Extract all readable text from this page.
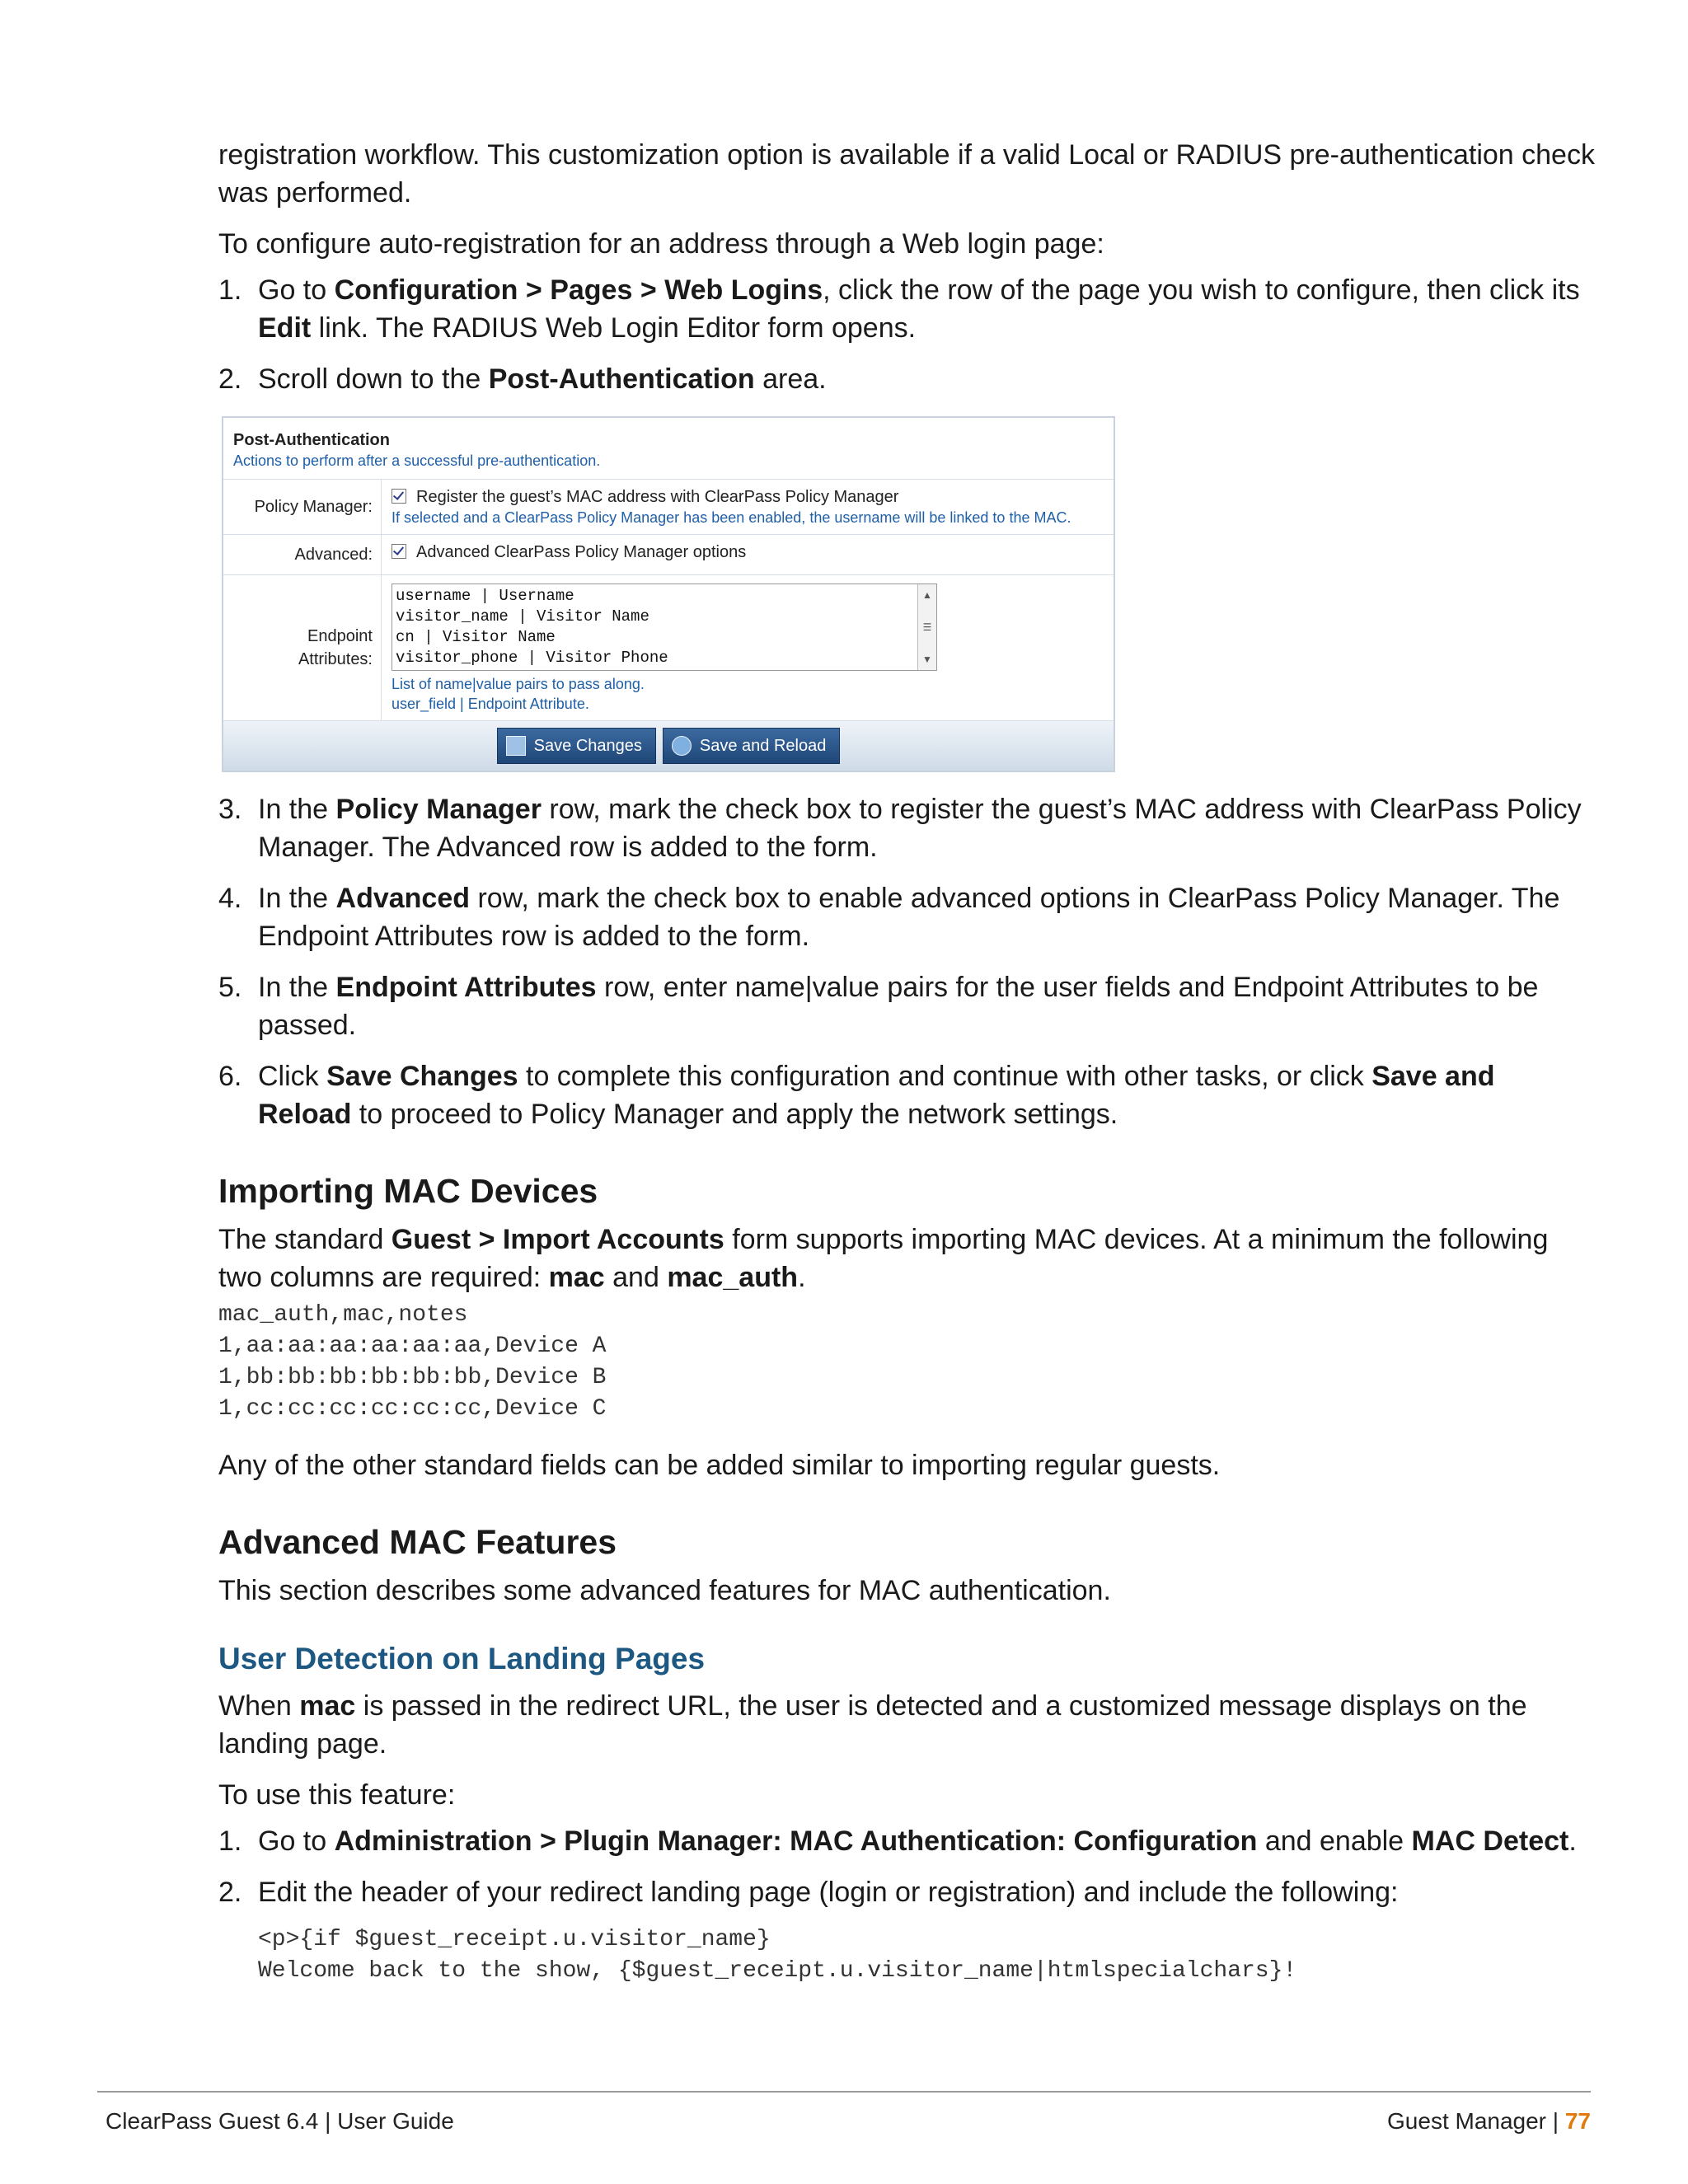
registration workflow. This customization option is available if a valid Local or RADIUS pre-authentication check was performed.

To configure auto-registration for an address through a Web login page:

1. Go to Configuration > Pages > Web Logins, click the row of the page you wish to configure, then click its Edit link. The RADIUS Web Login Editor form opens.
2. Scroll down to the Post-Authentication area.
Post-Authentication
Actions to perform after a successful pre-authentication.
Policy Manager:
Register the guest’s MAC address with ClearPass Policy Manager
If selected and a ClearPass Policy Manager has been enabled, the username will be linked to the MAC.
Advanced:	Advanced ClearPass Policy Manager options
Endpoint
Attributes:
username | Username
visitor_name | Visitor Name
cn | Visitor Name
visitor_phone | Visitor Phone
▲
☰
▼
List of name|value pairs to pass along.
user_field | Endpoint Attribute.
Save Changes	Save and Reload
3. In the Policy Manager row, mark the check box to register the guest’s MAC address with ClearPass Policy Manager. The Advanced row is added to the form.
4. In the Advanced row, mark the check box to enable advanced options in ClearPass Policy Manager. The Endpoint Attributes row is added to the form.
5. In the Endpoint Attributes row, enter name|value pairs for the user fields and Endpoint Attributes to be passed.
6. Click Save Changes to complete this configuration and continue with other tasks, or click Save and Reload to proceed to Policy Manager and apply the network settings.
Importing MAC Devices

The standard Guest > Import Accounts form supports importing MAC devices. At a minimum the following two columns are required: mac and mac_auth.

mac_auth,mac,notes
1,aa:aa:aa:aa:aa:aa,Device A
1,bb:bb:bb:bb:bb:bb,Device B
1,cc:cc:cc:cc:cc:cc,Device C

Any of the other standard fields can be added similar to importing regular guests.

Advanced MAC Features

This section describes some advanced features for MAC authentication.

User Detection on Landing Pages

When mac is passed in the redirect URL, the user is detected and a customized message displays on the landing page.

To use this feature:

1. Go to Administration > Plugin Manager: MAC Authentication: Configuration and enable MAC Detect.
2. Edit the header of your redirect landing page (login or registration) and include the following:
<p>{if $guest_receipt.u.visitor_name}
Welcome back to the show, {$guest_receipt.u.visitor_name|htmlspecialchars}!
ClearPass Guest 6.4 | User Guide	Guest Manager | 77
